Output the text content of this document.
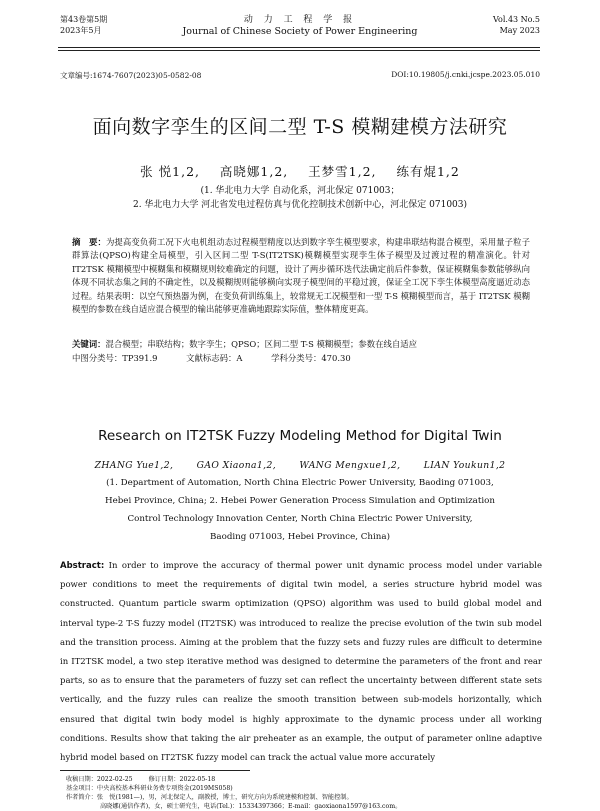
第43卷第5期
2023年5月
动 力 工 程 学 报
Journal of Chinese Society of Power Engineering
Vol.43 No.5
May 2023
文章编号:1674-7607(2023)05-0582-08	DOI:10.19805/j.cnki.jcspe.2023.05.010
面向数字孪生的区间二型 T-S 模糊建模方法研究
张 悦1,2, 高晓娜1,2, 王梦雪1,2, 练有焜1,2
(1. 华北电力大学 自动化系，河北保定 071003；
2. 华北电力大学 河北省发电过程仿真与优化控制技术创新中心，河北保定 071003)
摘　要：为提高变负荷工况下火电机组动态过程模型精度以达到数字孪生模型要求，构建串联结构混合模型，采用量子粒子群算法(QPSO)构建全局模型，引入区间二型 T-S(IT2TSK)模糊模型实现孪生体子模型及过渡过程的精准演化。针对 IT2TSK 模糊模型中模糊集和模糊规则较难确定的问题，设计了两步循环迭代法确定前后件参数，保证模糊集参数能够纵向体现不同状态集之间的不确定性，以及模糊规则能够横向实现子模型间的平稳过渡，保证全工况下孪生体模型高度逼近动态过程。结果表明：以空气预热器为例，在变负荷训练集上，较常规无工况模型和一型 T-S 模糊模型而言，基于 IT2TSK 模糊模型的参数在线自适应混合模型的输出能够更准确地跟踪实际值，整体精度更高。
关键词：混合模型；串联结构；数字孪生；QPSO；区间二型 T-S 模糊模型；参数在线自适应
中图分类号：TP391.9	文献标志码：A	学科分类号：470.30
Research on IT2TSK Fuzzy Modeling Method for Digital Twin
ZHANG Yue1,2,	GAO Xiaona1,2,	WANG Mengxue1,2,	LIAN Youkun1,2
(1. Department of Automation, North China Electric Power University, Baoding 071003,
Hebei Province, China; 2. Hebei Power Generation Process Simulation and Optimization
Control Technology Innovation Center, North China Electric Power University,
Baoding 071003, Hebei Province, China)
Abstract: In order to improve the accuracy of thermal power unit dynamic process model under variable power conditions to meet the requirements of digital twin model, a series structure hybrid model was constructed. Quantum particle swarm optimization (QPSO) algorithm was used to build global model and interval type-2 T-S fuzzy model (IT2TSK) was introduced to realize the precise evolution of the twin sub model and the transition process. Aiming at the problem that the fuzzy sets and fuzzy rules are difficult to determine in IT2TSK model, a two step iterative method was designed to determine the parameters of the front and rear parts, so as to ensure that the parameters of fuzzy set can reflect the uncertainty between different state sets vertically, and the fuzzy rules can realize the smooth transition between sub-models horizontally, which ensured that digital twin body model is highly approximate to the dynamic process under all working conditions. Results show that taking the air preheater as an example, the output of parameter online adaptive hybrid model based on IT2TSK fuzzy model can track the actual value more accurately
收稿日期：2022-02-25	修订日期：2022-05-18
基金项目：中央高校基本科研业务费专项资金(2019MS058)
作者简介：张　悦(1981—)，男，河北保定人，副教授，博士，研究方向为系统建模和控制、智能控制。
高晓娜(通信作者)，女，硕士研究生，电话(Tel.)：15334397366；E-mail：gaoxiaona1597@163.com。
